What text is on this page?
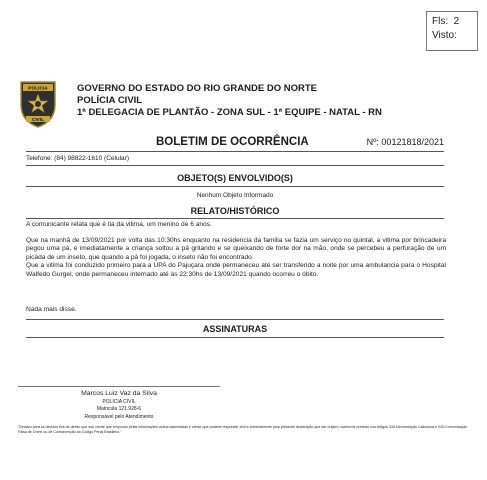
Fls: 2
Visto:
POLICIA
CIVIL
GOVERNO DO ESTADO DO RIO GRANDE DO NORTE
POLÍCIA CIVIL
1ª DELEGACIA DE PLANTÃO - ZONA SUL - 1ª EQUIPE - NATAL - RN
BOLETIM DE OCORRÊNCIA	Nº: 00121818/2021
Telefone: (84) 98822-1610 (Celular)
OBJETO(S) ENVOLVIDO(S)
Nenhum Objeto Informado
RELATO/HISTÓRICO
A comunicante relata que é tia da vitima, um menino de 6 anos.
Que na manhã de 13/09/2021 por volta das 10:30hs enquanto na residencia da familia se fazia um serviço no quintal, a vitima por brincadeira pegou uma pá, e imediatamente a criança soltou a pá gritando e se queixando de forte dor na mão, onde se percebeu a perfuração de um picada de um inseto, que quando a pá foi jogada, o inseto não foi encontrado.
Que a vitima foi conduzido primeiro para a UPA do Pajuçara onde permaneceu até ser transferido a noite por uma ambulancia para o Hospital Walfedo Gurgel, onde permaneceu internado até às 22:30hs de 13/09/2021 quando ocorreu o óbito.
Nada mais disse.
ASSINATURAS
Marcos Luiz Vaz da Silva
POLICIA CIVIL
Matricula 121.928-6
Responsável pelo Atendimento
"Declaro para os devidos fins de direito que sou ciente que respondo pelas informações acima assentadas e ciente que poderei responder civil e criminalmente pela presente declaração que der origem, conforme previsto nos Artigos 339-Denunciação Caluniosa e 340-Comunicação Falsa de Crime ou de Contravenção do Código Penal Brasileiro."
